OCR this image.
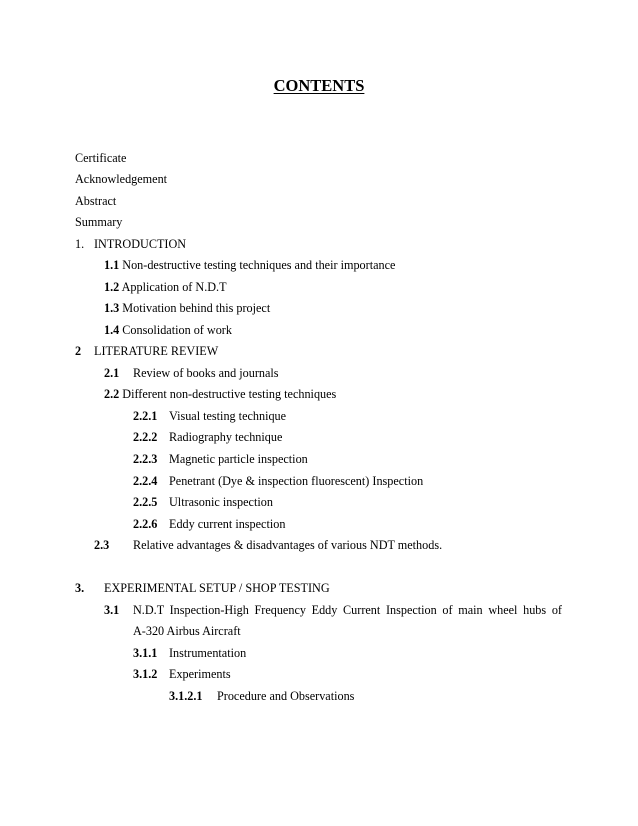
CONTENTS
Certificate
Acknowledgement
Abstract
Summary
1. INTRODUCTION
1.1 Non-destructive testing techniques and their importance
1.2 Application of N.D.T
1.3 Motivation behind this project
1.4 Consolidation of work
2 LITERATURE REVIEW
2.1 Review of books and journals
2.2 Different non-destructive testing techniques
2.2.1 Visual testing technique
2.2.2 Radiography technique
2.2.3 Magnetic particle inspection
2.2.4 Penetrant (Dye & inspection fluorescent) Inspection
2.2.5 Ultrasonic inspection
2.2.6 Eddy current inspection
2.3 Relative advantages & disadvantages of various NDT methods.
3. EXPERIMENTAL SETUP / SHOP TESTING
3.1 N.D.T Inspection-High Frequency Eddy Current Inspection of main wheel hubs of
A-320 Airbus Aircraft
3.1.1 Instrumentation
3.1.2 Experiments
3.1.2.1 Procedure and Observations
